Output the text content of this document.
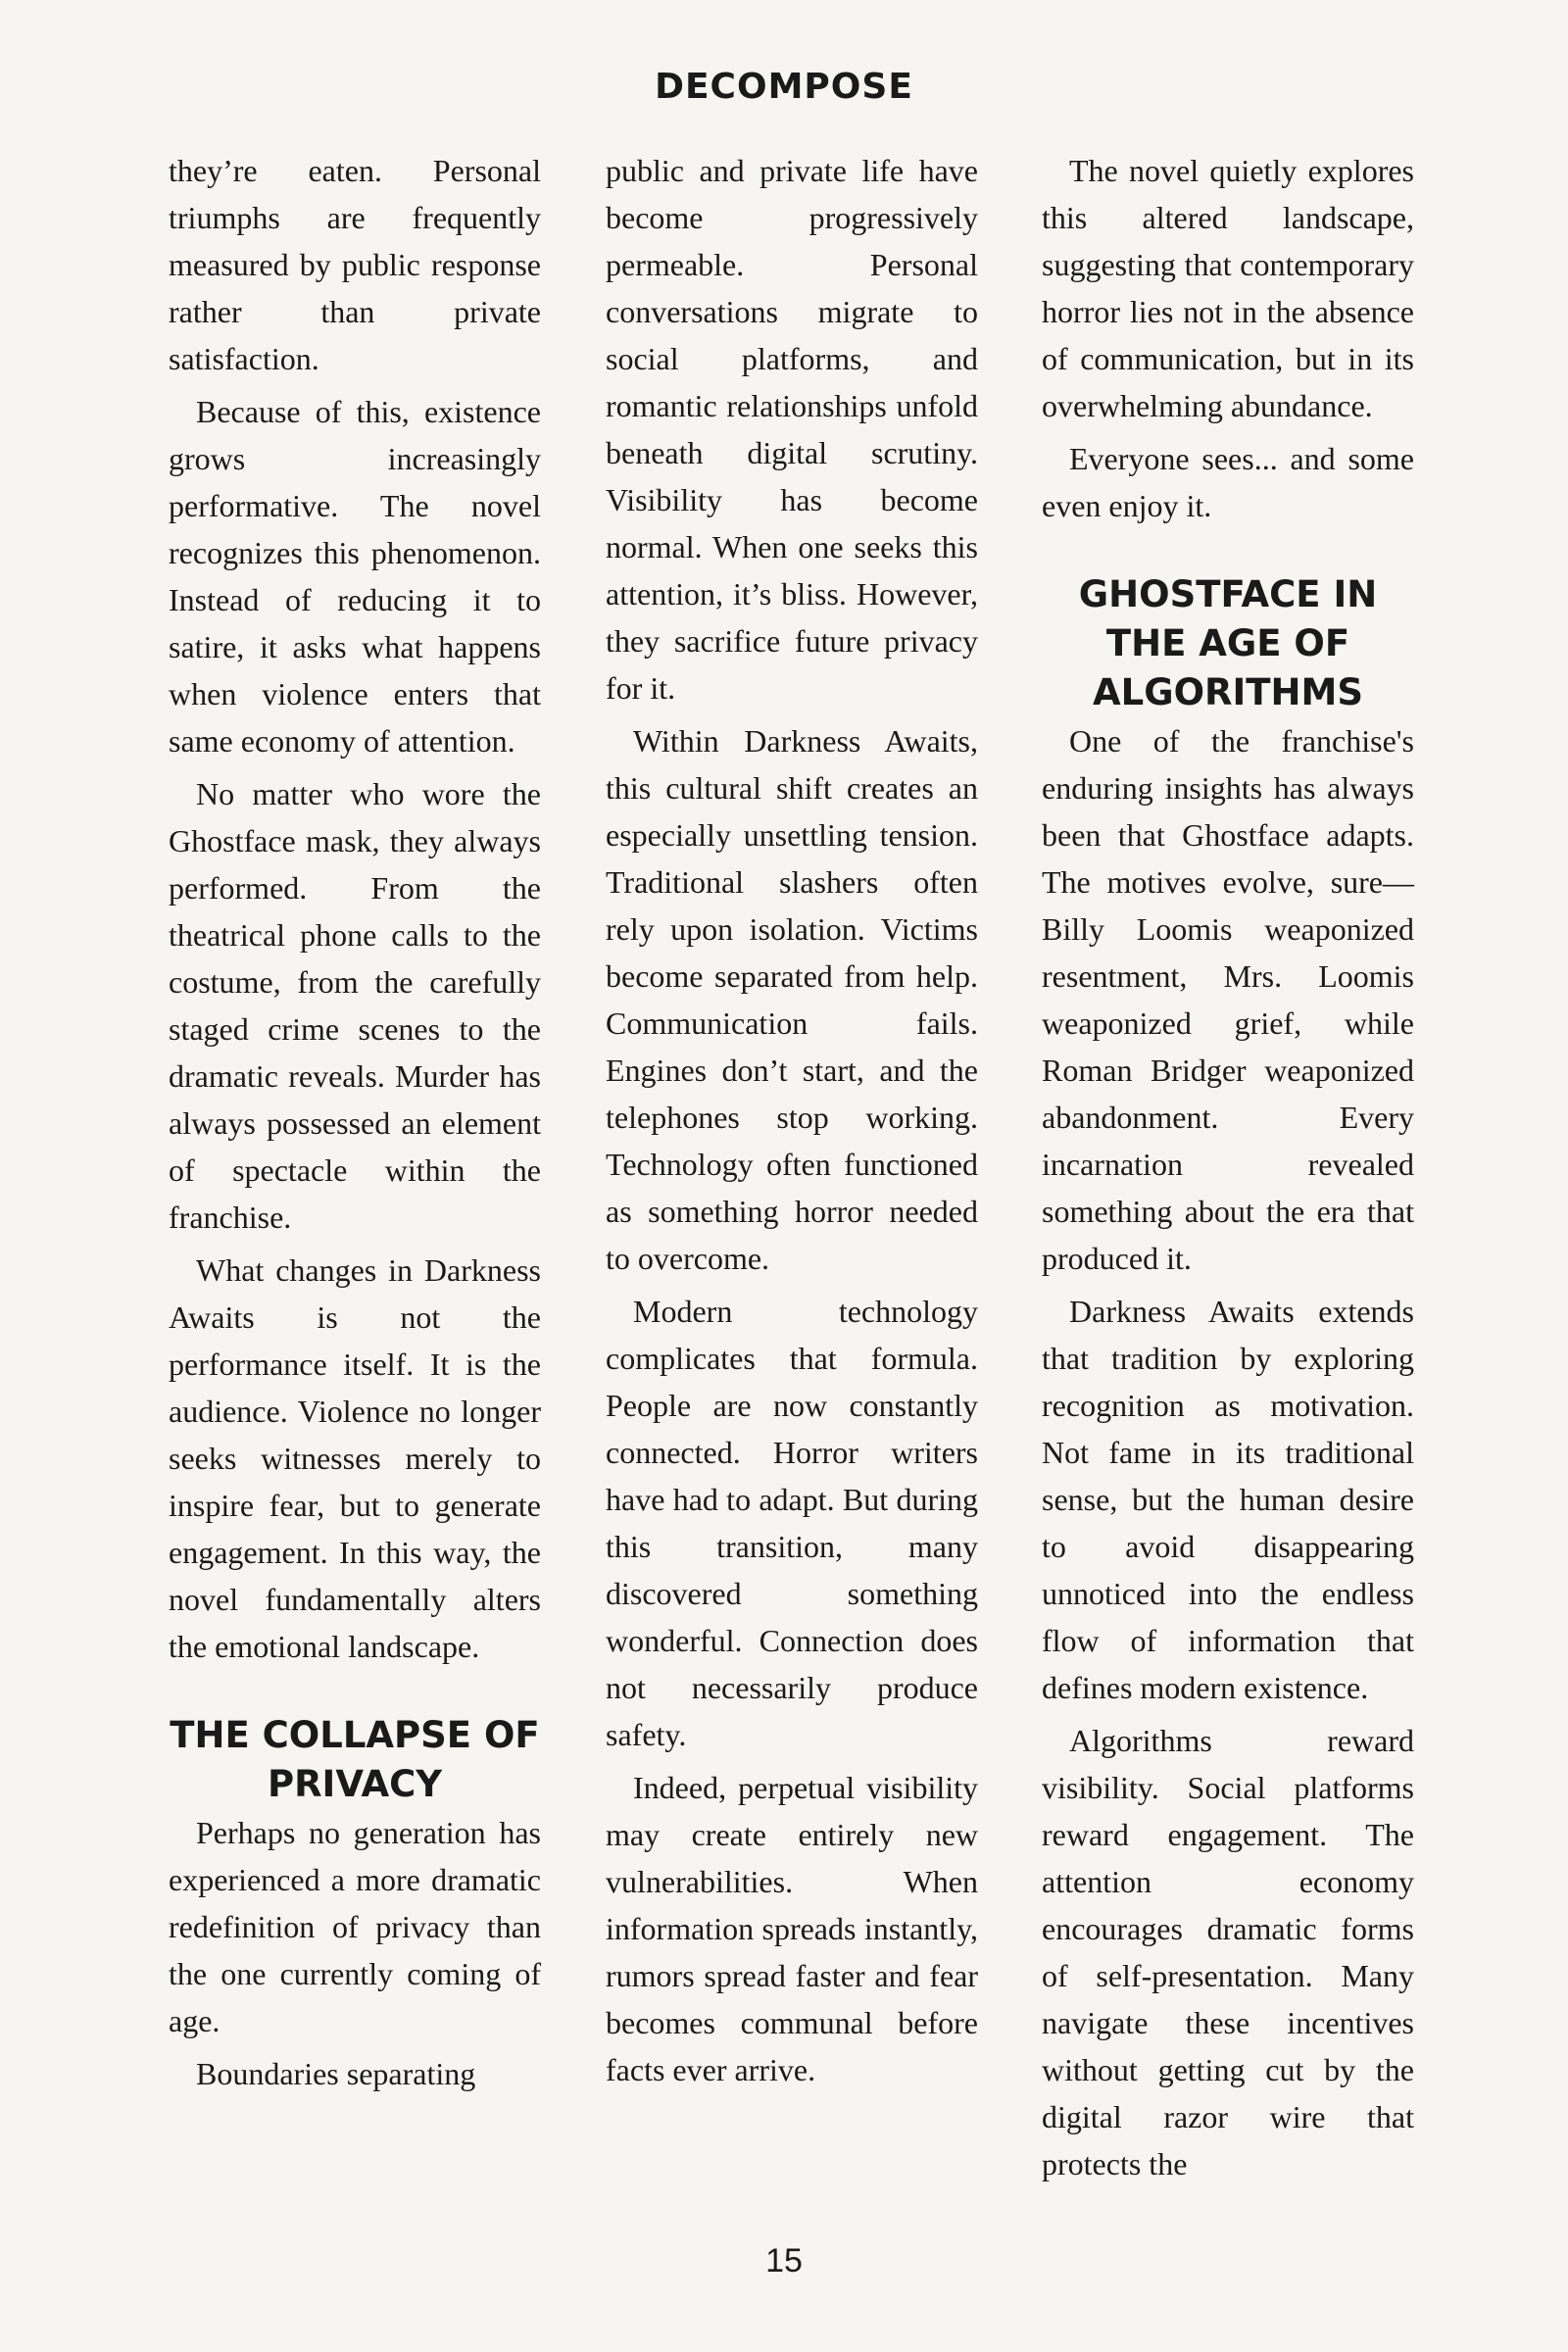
DECOMPOSE

they’re eaten. Personal triumphs are frequently measured by public response rather than private satisfaction.

Because of this, existence grows increasingly performative. The novel recognizes this phenomenon. Instead of reducing it to satire, it asks what happens when violence enters that same economy of attention.

No matter who wore the Ghostface mask, they always performed. From the theatrical phone calls to the costume, from the carefully staged crime scenes to the dramatic reveals. Murder has always possessed an element of spectacle within the franchise.

What changes in Darkness Awaits is not the performance itself. It is the audience. Violence no longer seeks witnesses merely to inspire fear, but to generate engagement. In this way, the novel fundamentally alters the emotional landscape.

THE COLLAPSE OF PRIVACY

Perhaps no generation has experienced a more dramatic redefinition of privacy than the one currently coming of age.

Boundaries separating

public and private life have become progressively permeable. Personal conversations migrate to social platforms, and romantic relationships unfold beneath digital scrutiny. Visibility has become normal. When one seeks this attention, it’s bliss. However, they sacrifice future privacy for it.

Within Darkness Awaits, this cultural shift creates an especially unsettling tension. Traditional slashers often rely upon isolation. Victims become separated from help. Communication fails. Engines don’t start, and the telephones stop working. Technology often functioned as something horror needed to overcome.

Modern technology complicates that formula. People are now constantly connected. Horror writers have had to adapt. But during this transition, many discovered something wonderful. Connection does not necessarily produce safety.

Indeed, perpetual visibility may create entirely new vulnerabilities. When information spreads instantly, rumors spread faster and fear becomes communal before facts ever arrive.

The novel quietly explores this altered landscape, suggesting that contemporary horror lies not in the absence of communication, but in its overwhelming abundance.

Everyone sees... and some even enjoy it.

GHOSTFACE IN THE AGE OF ALGORITHMS

One of the franchise's enduring insights has always been that Ghostface adapts. The motives evolve, sure—Billy Loomis weaponized resentment, Mrs. Loomis weaponized grief, while Roman Bridger weaponized abandonment. Every incarnation revealed something about the era that produced it.

Darkness Awaits extends that tradition by exploring recognition as motivation. Not fame in its traditional sense, but the human desire to avoid disappearing unnoticed into the endless flow of information that defines modern existence.

Algorithms reward visibility. Social platforms reward engagement. The attention economy encourages dramatic forms of self-presentation. Many navigate these incentives without getting cut by the digital razor wire that protects the

15
